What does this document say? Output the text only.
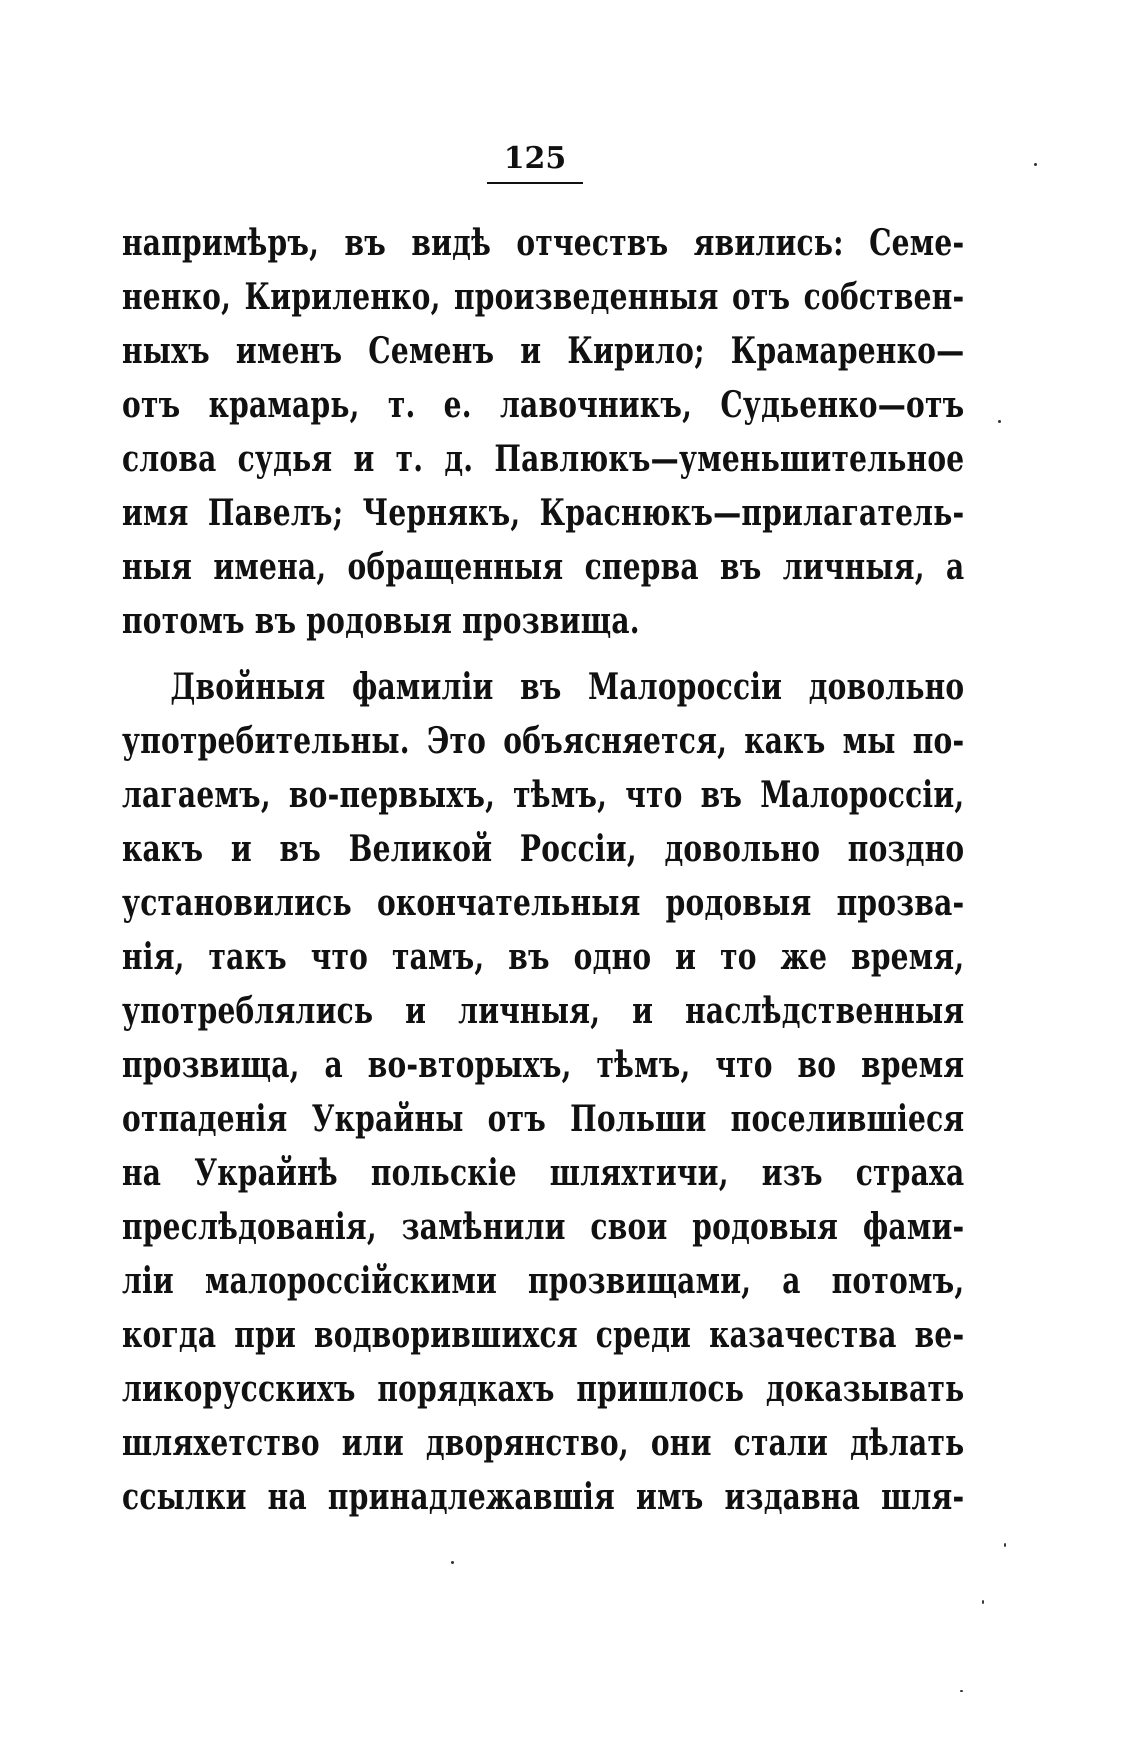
125
напримѣръ, въ видѣ отчествъ явились: Семе-
ненко, Кириленко, произведенныя отъ собствен-
ныхъ именъ Семенъ и Кирило; Крамаренко—
отъ крамарь, т. е. лавочникъ, Судьенко—отъ
слова судья и т. д. Павлюкъ—уменьшительное
имя Павелъ; Чернякъ, Краснюкъ—прилагатель-
ныя имена, обращенныя сперва въ личныя, а
потомъ въ родовыя прозвища.
Двойныя фамиліи въ Малороссіи довольно
употребительны. Это объясняется, какъ мы по-
лагаемъ, во-первыхъ, тѣмъ, что въ Малороссіи,
какъ и въ Великой Россіи, довольно поздно
установились окончательныя родовыя прозва-
нія, такъ что тамъ, въ одно и то же время,
употреблялись и личныя, и наслѣдственныя
прозвища, а во-вторыхъ, тѣмъ, что во время
отпаденія Украйны отъ Польши поселившіеся
на Украйнѣ польскіе шляхтичи, изъ страха
преслѣдованія, замѣнили свои родовыя фами-
ліи малороссійскими прозвищами, а потомъ,
когда при водворившихся среди казачества ве-
ликорусскихъ порядкахъ пришлось доказывать
шляхетство или дворянство, они стали дѣлать
ссылки на принадлежавшія имъ издавна шля-
